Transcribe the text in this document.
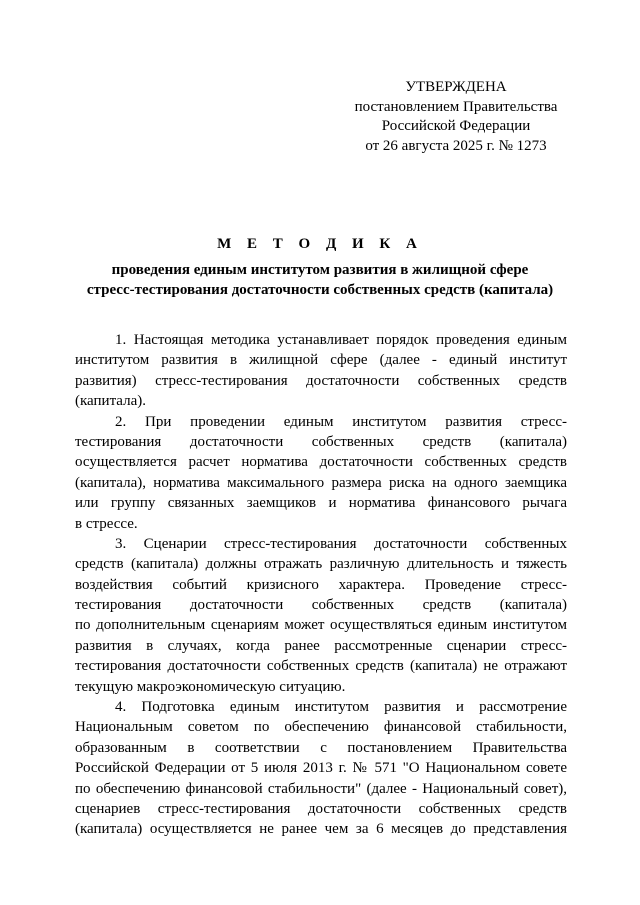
УТВЕРЖДЕНА
постановлением Правительства
Российской Федерации
от 26 августа 2025 г. № 1273
М Е Т О Д И К А
проведения единым институтом развития в жилищной сфере
стресс-тестирования достаточности собственных средств (капитала)
1. Настоящая методика устанавливает порядок проведения единым
институтом развития в жилищной сфере (далее - единый институт
развития) стресс-тестирования достаточности собственных средств
(капитала).
2. При проведении единым институтом развития стресс-
тестирования достаточности собственных средств (капитала)
осуществляется расчет норматива достаточности собственных средств
(капитала), норматива максимального размера риска на одного заемщика
или группу связанных заемщиков и норматива финансового рычага
в стрессе.
3. Сценарии стресс-тестирования достаточности собственных
средств (капитала) должны отражать различную длительность и тяжесть
воздействия событий кризисного характера. Проведение стресс-
тестирования достаточности собственных средств (капитала)
по дополнительным сценариям может осуществляться единым институтом
развития в случаях, когда ранее рассмотренные сценарии стресс-
тестирования достаточности собственных средств (капитала) не отражают
текущую макроэкономическую ситуацию.
4. Подготовка единым институтом развития и рассмотрение
Национальным советом по обеспечению финансовой стабильности,
образованным в соответствии с постановлением Правительства
Российской Федерации от 5 июля 2013 г. № 571 "О Национальном совете
по обеспечению финансовой стабильности" (далее - Национальный совет),
сценариев стресс-тестирования достаточности собственных средств
(капитала) осуществляется не ранее чем за 6 месяцев до представления
